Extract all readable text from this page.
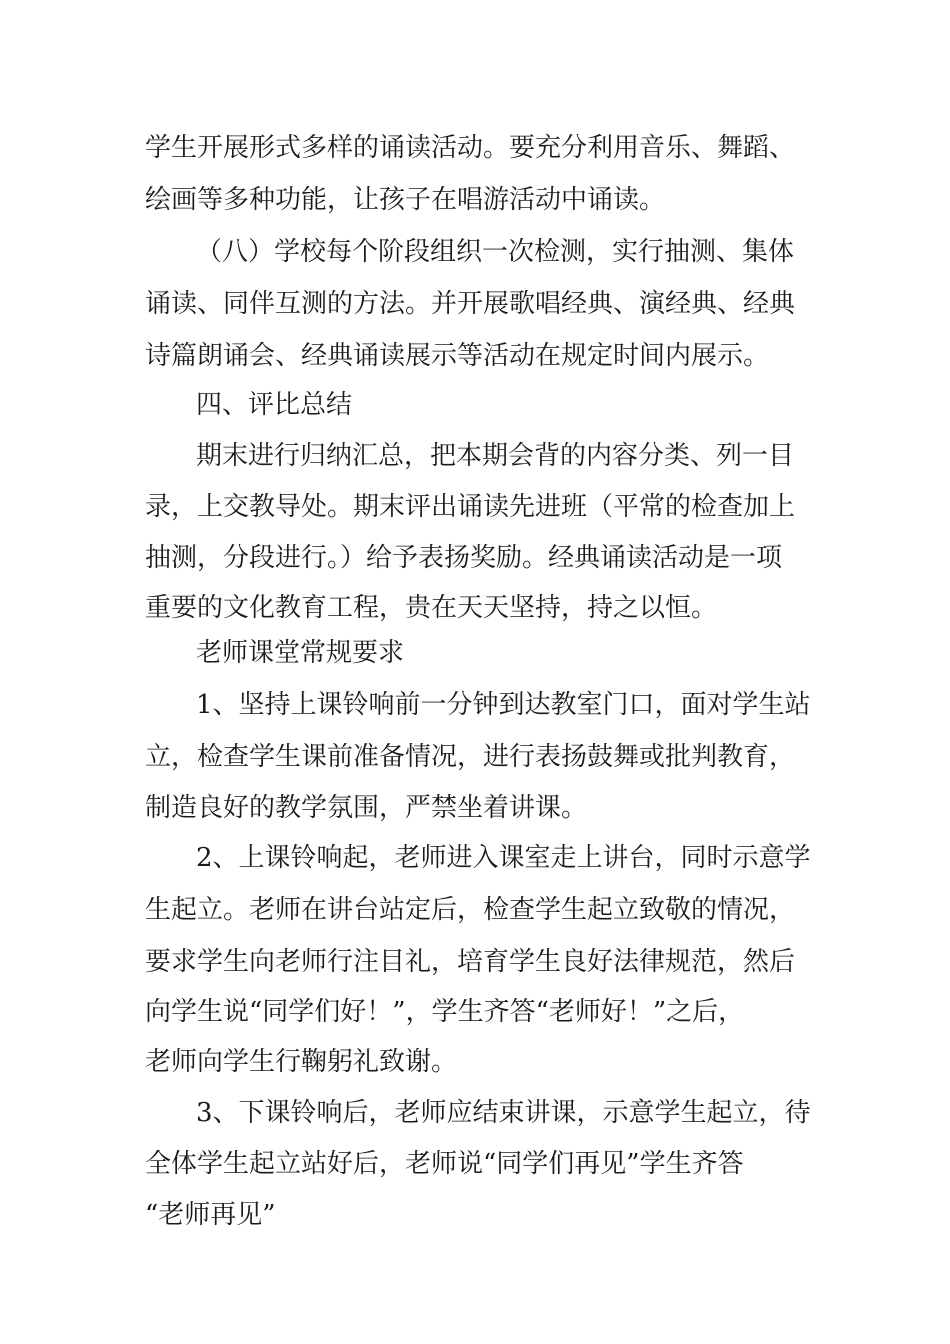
学生开展形式多样的诵读活动。要充分利用音乐、舞蹈、
绘画等多种功能，让孩子在唱游活动中诵读。
（八）学校每个阶段组织一次检测，实行抽测、集体
诵读、同伴互测的方法。并开展歌唱经典、演经典、经典
诗篇朗诵会、经典诵读展示等活动在规定时间内展示。
四、评比总结
期末进行归纳汇总，把本期会背的内容分类、列一目
录，上交教导处。期末评出诵读先进班（平常的检查加上
抽测，分段进行。）给予表扬奖励。经典诵读活动是一项
重要的文化教育工程，贵在天天坚持，持之以恒。
老师课堂常规要求
1、坚持上课铃响前一分钟到达教室门口，面对学生站
立，检查学生课前准备情况，进行表扬鼓舞或批判教育，
制造良好的教学氛围，严禁坐着讲课。
2、上课铃响起，老师进入课室走上讲台，同时示意学
生起立。老师在讲台站定后，检查学生起立致敬的情况，
要求学生向老师行注目礼，培育学生良好法律规范，然后
向学生说“同学们好！”，学生齐答“老师好！”之后，
老师向学生行鞠躬礼致谢。
3、下课铃响后，老师应结束讲课，示意学生起立，待
全体学生起立站好后，老师说“同学们再见”学生齐答
“老师再见”
